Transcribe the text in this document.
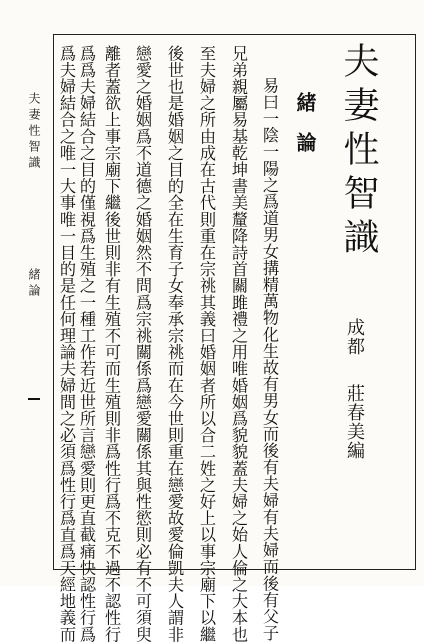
夫妻性智識
緒論
夫妻性智識
成都
莊春美編
緒論
易曰一陰一陽之爲道男女搆精萬物化生故有男女而後有夫婦有夫婦而後有父子
兄弟親屬易基乾坤書美釐降詩首關雎禮之用唯婚姻爲貌貌蓋夫婦之始人倫之大本也
至夫婦之所由成在古代則重在宗祧其義曰婚姻者所以合二姓之好上以事宗廟下以繼
後世也是婚姻之目的全在生育子女奉承宗祧而在今世則重在戀愛故愛倫凱夫人謂非
戀愛之婚姻爲不道德之婚姻然不問爲宗祧關係爲戀愛關係其與性慾則必有不可須臾
離者蓋欲上事宗廟下繼後世則非有生殖不可而生殖則非爲性行爲不克不過不認性行
爲爲夫婦結合之目的僅視爲生殖之一種工作若近世所言戀愛則更直截痛快認性行爲
爲夫婦結合之唯一大事唯一目的是任何理論夫婦間之必須爲性行爲直爲天經地義而
